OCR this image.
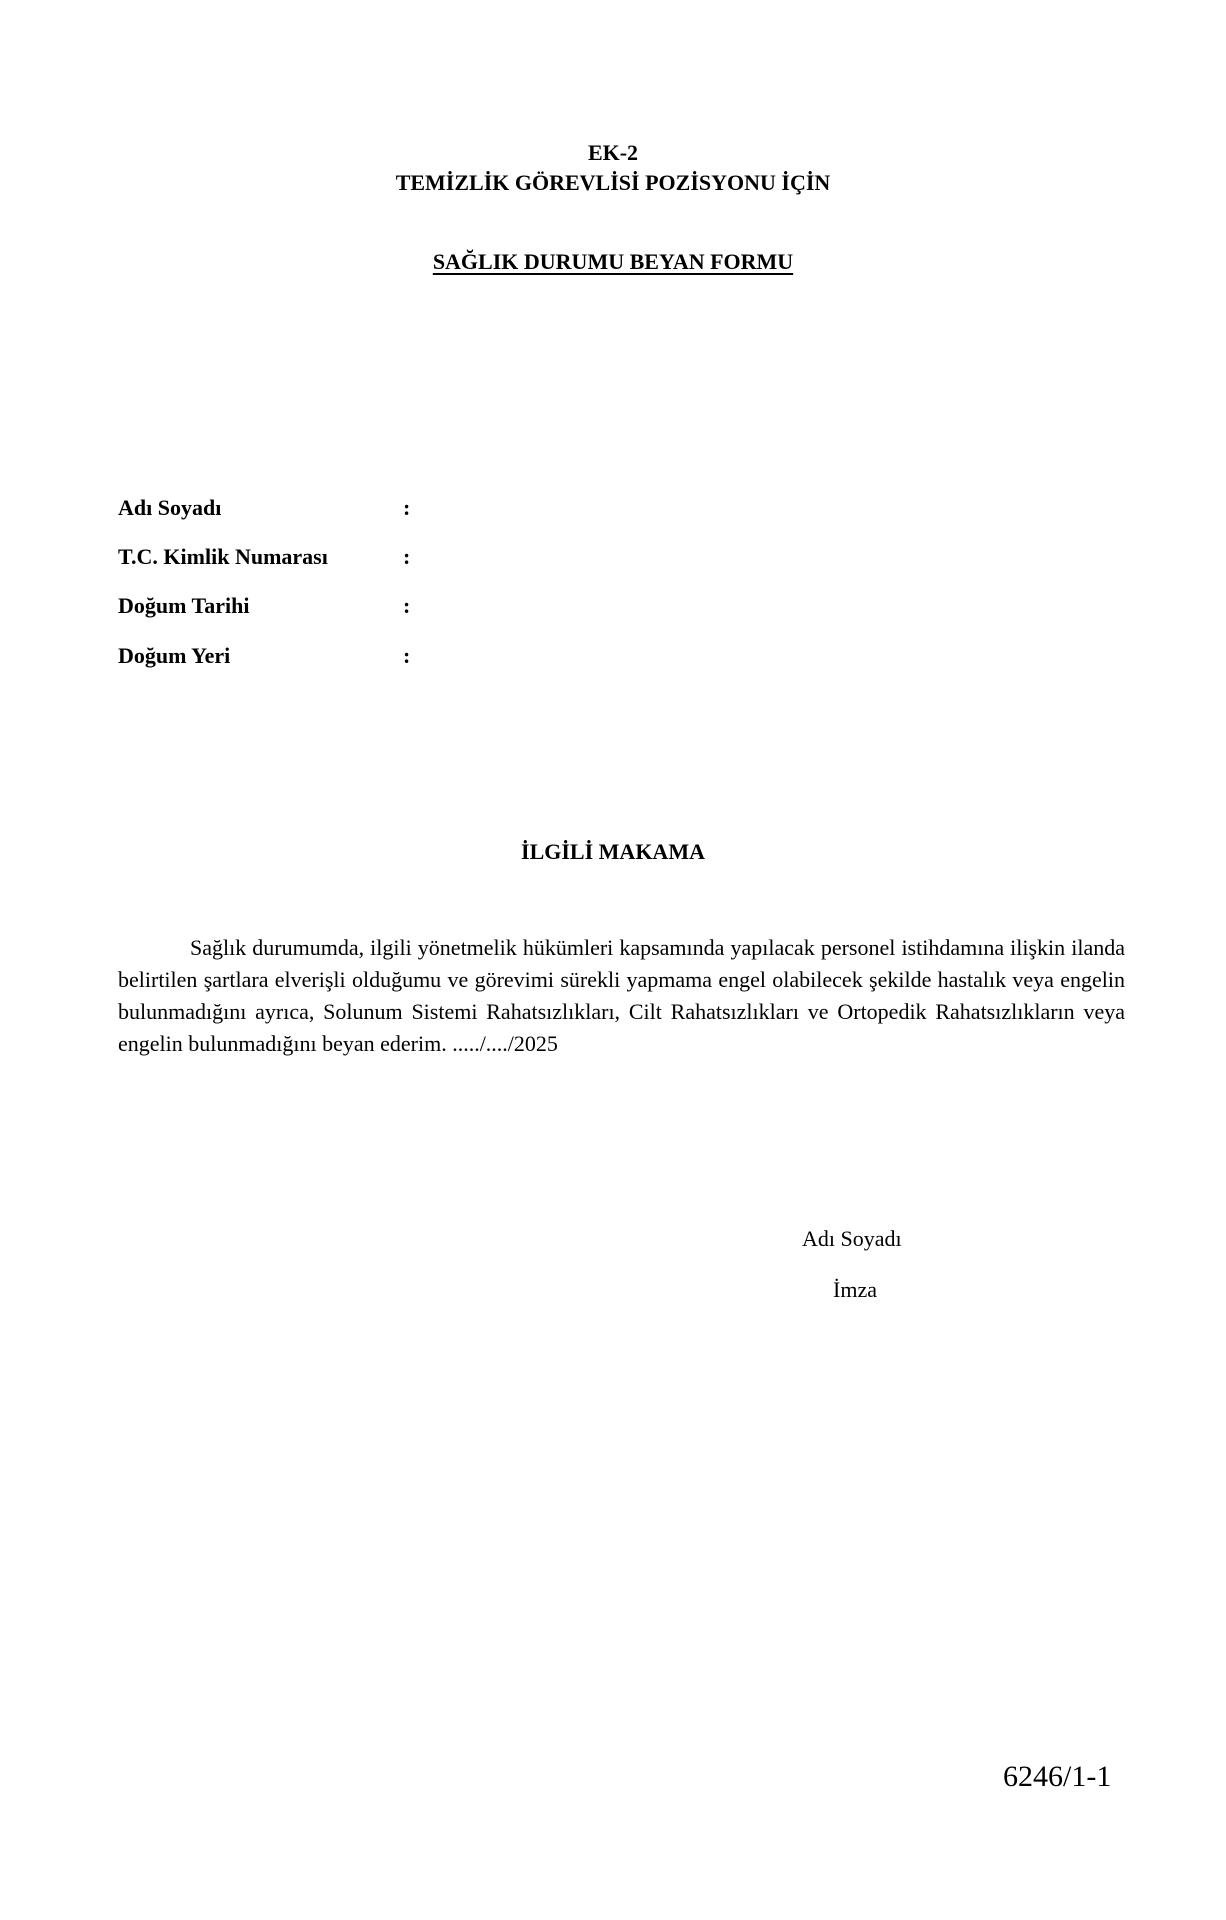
EK-2
TEMİZLİK GÖREVLİSİ POZİSYONU İÇİN
SAĞLIK DURUMU BEYAN FORMU
Adı Soyadı	:
T.C. Kimlik Numarası	:
Doğum Tarihi	:
Doğum Yeri	:
İLGİLİ MAKAMA
Sağlık durumumda, ilgili yönetmelik hükümleri kapsamında yapılacak personel istihdamına ilişkin ilanda belirtilen şartlara elverişli olduğumu ve görevimi sürekli yapmama engel olabilecek şekilde hastalık veya engelin bulunmadığını ayrıca, Solunum Sistemi Rahatsızlıkları, Cilt Rahatsızlıkları ve Ortopedik Rahatsızlıkların veya engelin bulunmadığını beyan ederim. ...../..../2025
Adı Soyadı
İmza
6246/1-1
